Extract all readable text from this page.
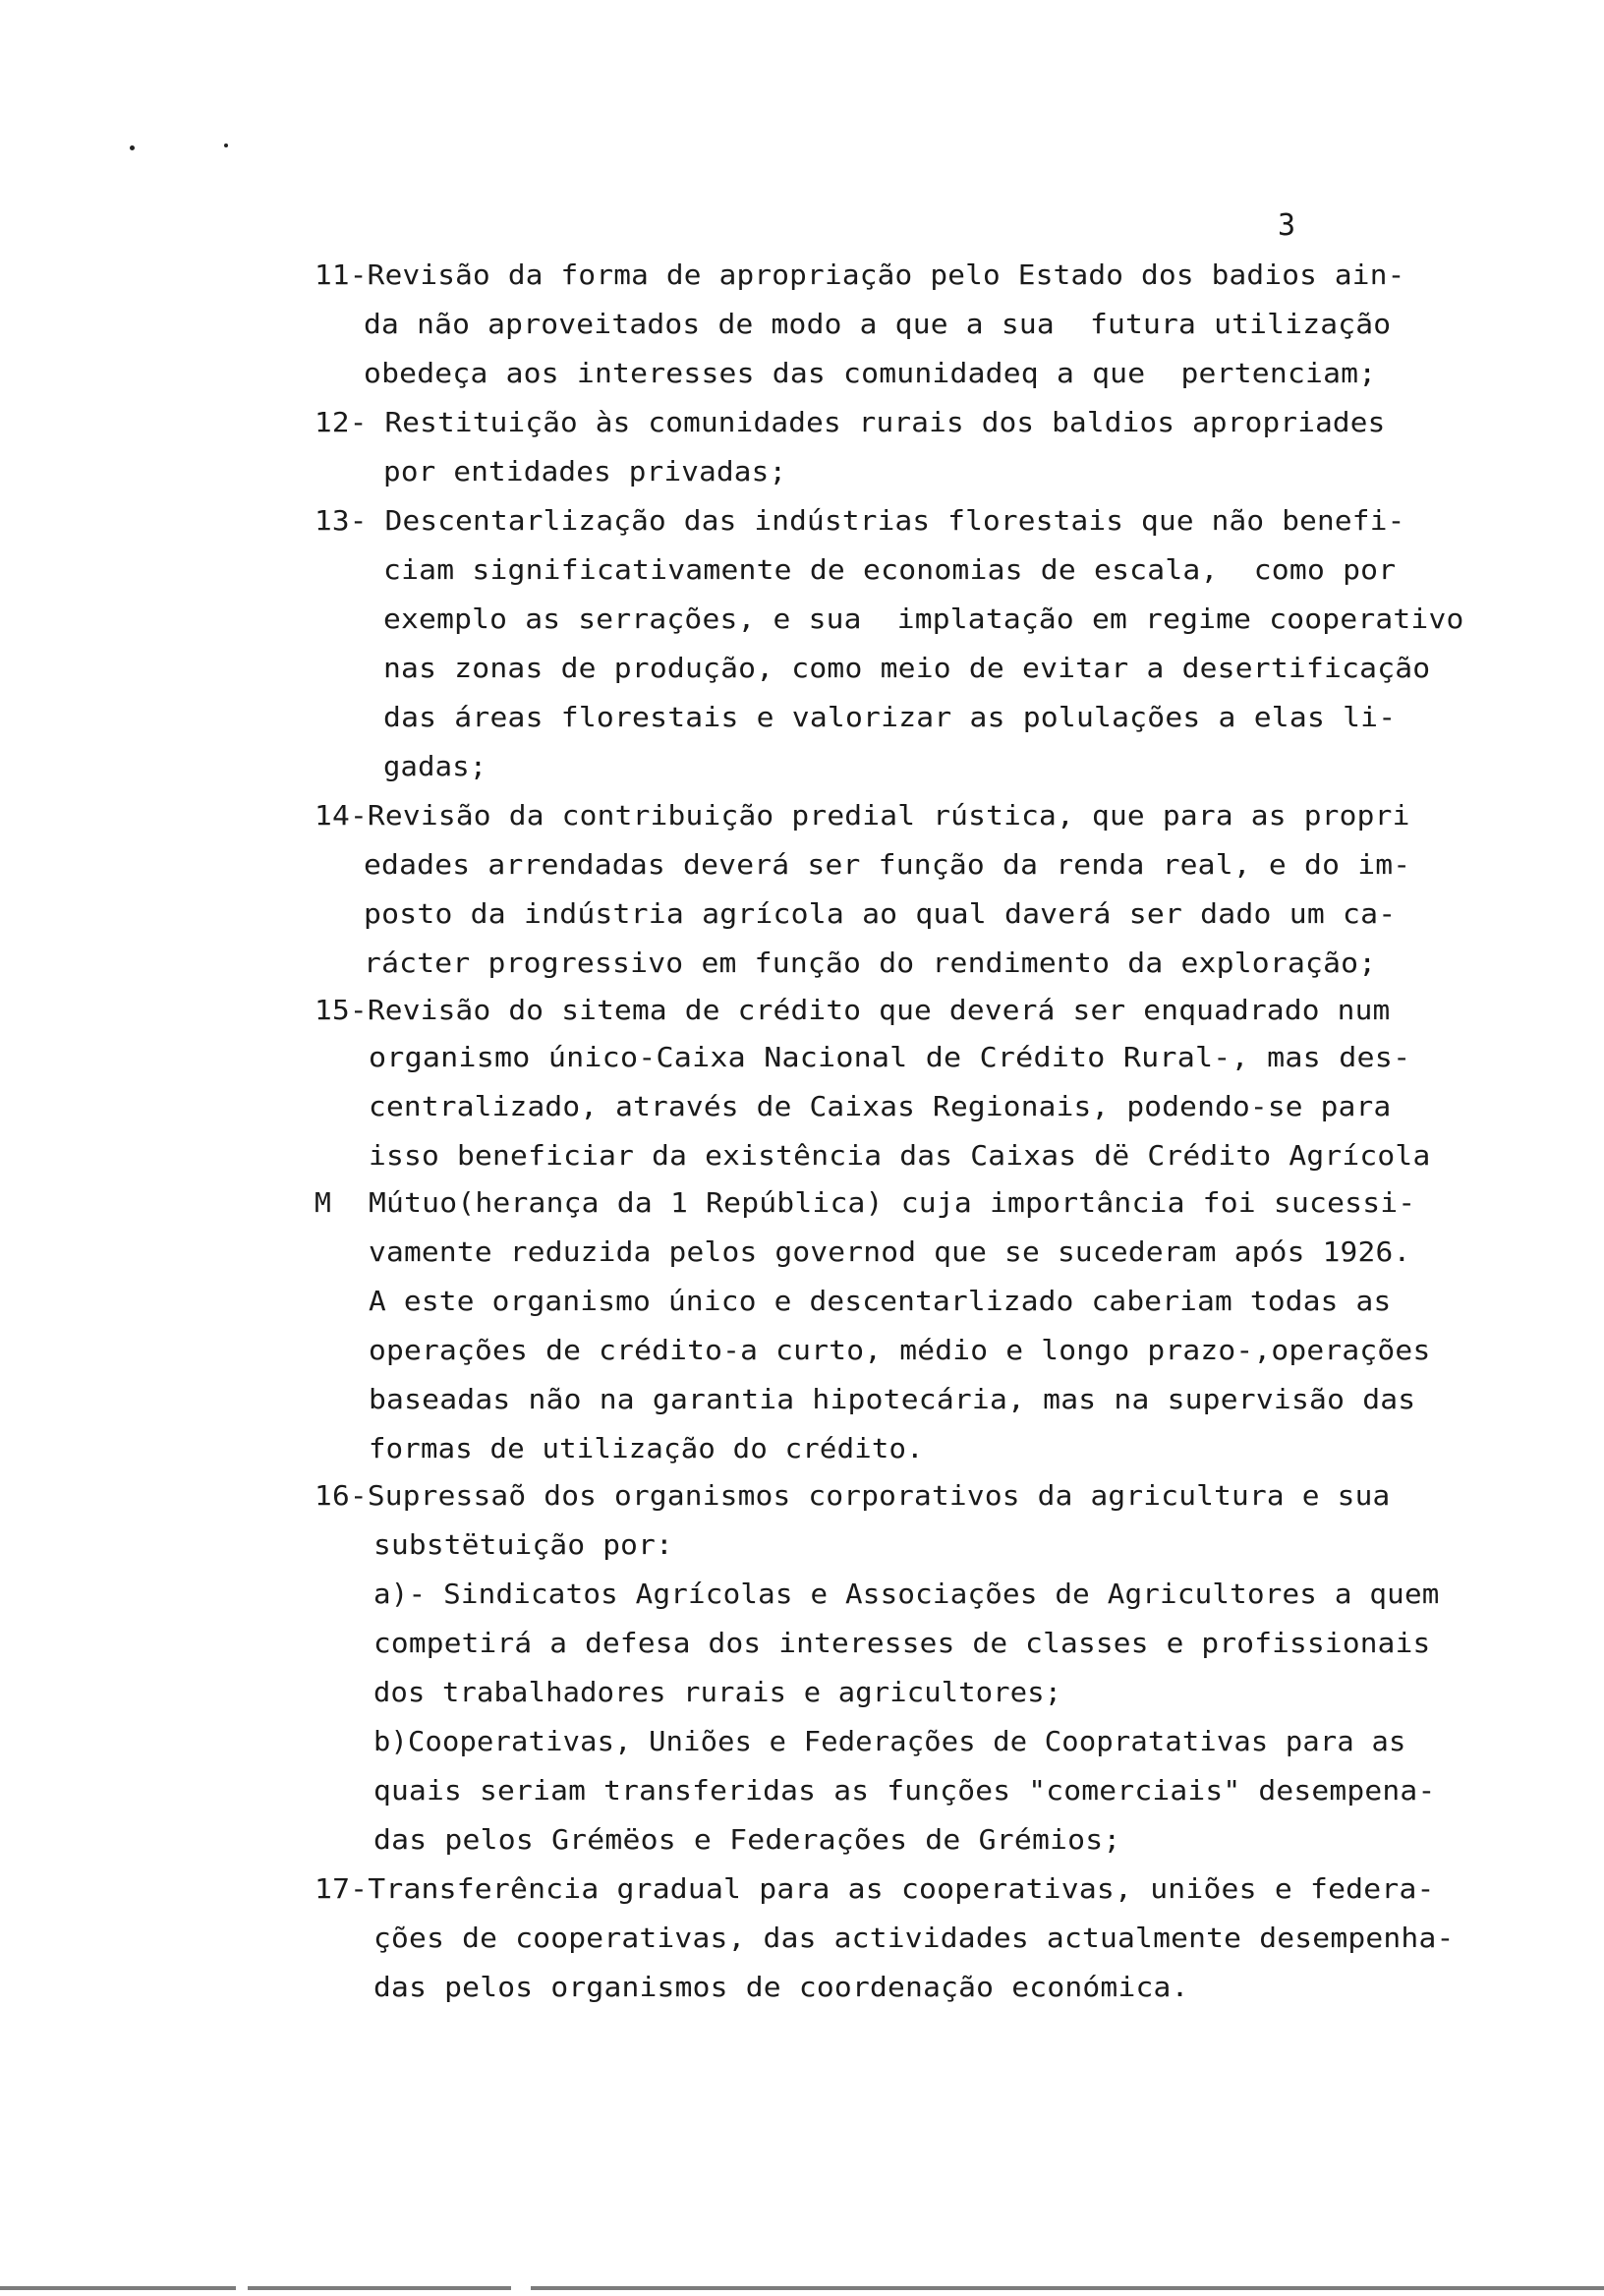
3
11-Revisão da forma de apropriação pelo Estado dos badios ain-
da não aproveitados de modo a que a sua  futura utilização
obedeça aos interesses das comunidadeq a que  pertenciam;
12- Restituição às comunidades rurais dos baldios apropriades
por entidades privadas;
13- Descentarlização das indústrias florestais que não benefi-
ciam significativamente de economias de escala,  como por
exemplo as serrações, e sua  implatação em regime cooperativo
nas zonas de produção, como meio de evitar a desertificação
das áreas florestais e valorizar as polulações a elas li-
gadas;
14-Revisão da contribuição predial rústica, que para as propri
edades arrendadas deverá ser função da renda real, e do im-
posto da indústria agrícola ao qual daverá ser dado um ca-
rácter progressivo em função do rendimento da exploração;
15-Revisão do sitema de crédito que deverá ser enquadrado num
organismo único-Caixa Nacional de Crédito Rural-, mas des-
centralizado, através de Caixas Regionais, podendo-se para
isso beneficiar da existência das Caixas dë Crédito Agrícola
Mútuo(herança da 1 República) cuja importância foi sucessi-
vamente reduzida pelos governod que se sucederam após 1926.
A este organismo único e descentarlizado caberiam todas as
operações de crédito-a curto, médio e longo prazo-,operações
baseadas não na garantia hipotecária, mas na supervisão das
formas de utilização do crédito.
16-Supressaõ dos organismos corporativos da agricultura e sua
substëtuição por:
a)- Sindicatos Agrícolas e Associações de Agricultores a quem
competirá a defesa dos interesses de classes e profissionais
dos trabalhadores rurais e agricultores;
b)Cooperativas, Uniões e Federações de Coopratativas para as
quais seriam transferidas as funções "comerciais" desempena-
das pelos Grémëos e Federações de Grémios;
17-Transferência gradual para as cooperativas, uniões e federa-
ções de cooperativas, das actividades actualmente desempenha-
das pelos organismos de coordenação económica.
M
